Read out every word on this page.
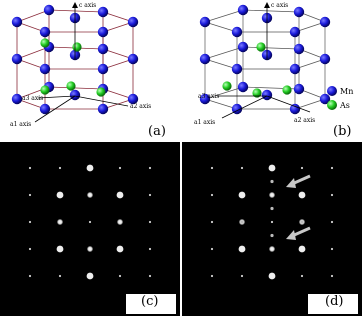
c axis
a3 axis
a1 axis
a2 axis
(a)
c axis
a3 axis
a1 axis	a2 axis
Mn
As
(b)
(c)	(d)
